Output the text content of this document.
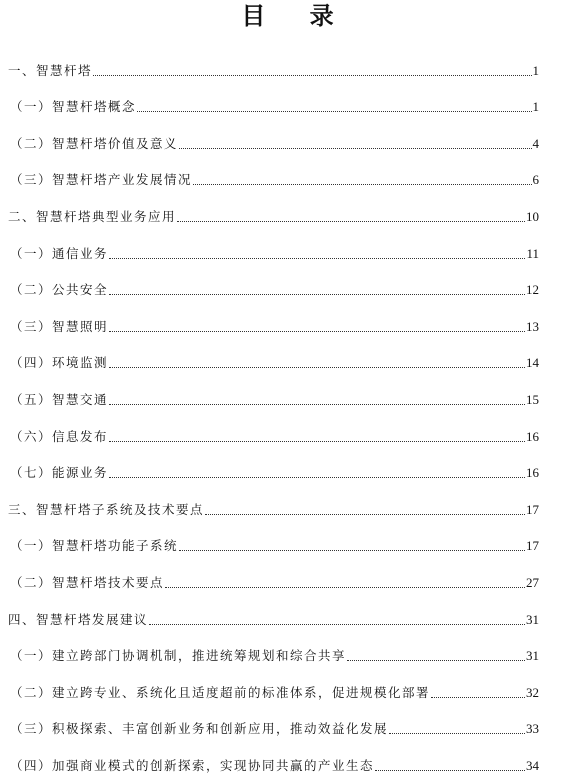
目 录
一、智慧杆塔	1
（一）智慧杆塔概念	1
（二）智慧杆塔价值及意义	4
（三）智慧杆塔产业发展情况	6
二、智慧杆塔典型业务应用	10
（一）通信业务	11
（二）公共安全	12
（三）智慧照明	13
（四）环境监测	14
（五）智慧交通	15
（六）信息发布	16
（七）能源业务	16
三、智慧杆塔子系统及技术要点	17
（一）智慧杆塔功能子系统	17
（二）智慧杆塔技术要点	27
四、智慧杆塔发展建议	31
（一）建立跨部门协调机制，推进统筹规划和综合共享	31
（二）建立跨专业、系统化且适度超前的标准体系，促进规模化部署	32
（三）积极探索、丰富创新业务和创新应用，推动效益化发展	33
（四）加强商业模式的创新探索，实现协同共赢的产业生态	34
